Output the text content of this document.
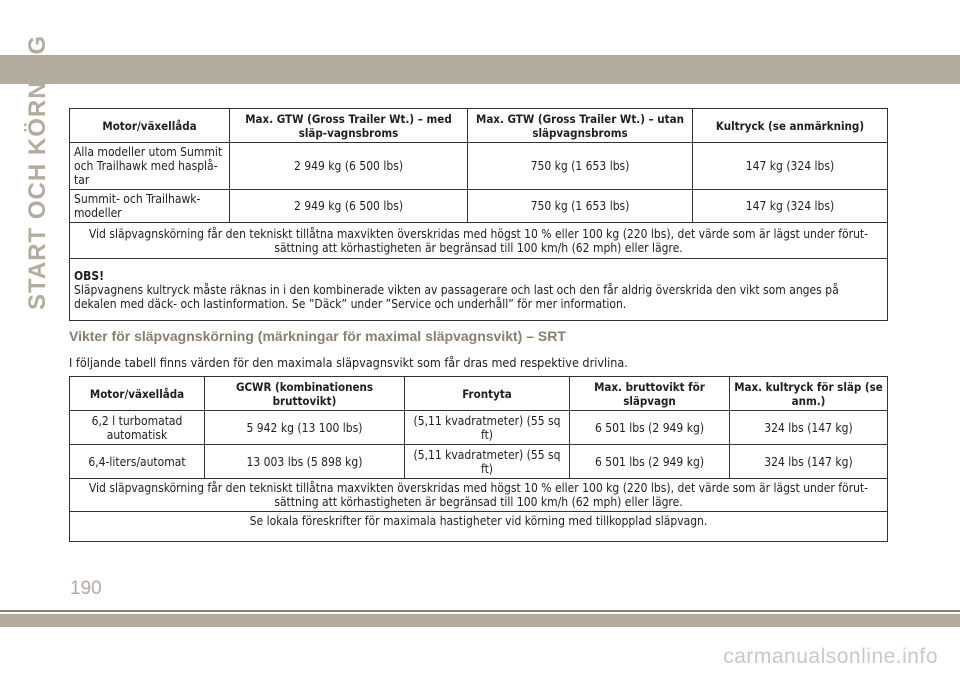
START OCH KÖRNING	Motor/växellåda	Max. GTW (Gross Trailer Wt.) – med släp-vagnsbroms	Max. GTW (Gross Trailer Wt.) – utan släpvagnsbroms	Kultryck (se anmärkning)
Alla modeller utom Summit och Trailhawk med hasplå-tar	2 949 kg (6 500 lbs)	750 kg (1 653 lbs)	147 kg (324 lbs)
Summit- och Trailhawk-modeller	2 949 kg (6 500 lbs)	750 kg (1 653 lbs)	147 kg (324 lbs)
Vid släpvagnskörning får den tekniskt tillåtna maxvikten överskridas med högst 10 % eller 100 kg (220 lbs), det värde som är lägst under förut-sättning att körhastigheten är begränsad till 100 km/h (62 mph) eller lägre.			

OBS!
Släpvagnens kultryck måste räknas in i den kombinerade vikten av passagerare och last och den får aldrig överskrida den vikt som anges på dekalen med däck- och lastinformation. Se ”Däck” under ”Service och underhåll” för mer information.			
Vikter för släpvagnskörning (märkningar för maximal släpvagnsvikt) – SRT
I följande tabell finns värden för den maximala släpvagnsvikt som får dras med respektive drivlina.
Motor/växellåda	GCWR (kombinationens bruttovikt)	Frontyta	Max. bruttovikt för släpvagn	Max. kultryck för släp (se anm.)
6,2 l turbomatad automatisk	5 942 kg (13 100 lbs)	(5,11 kvadratmeter) (55 sq ft)	6 501 lbs (2 949 kg)	324 lbs (147 kg)
6,4-liters/automat	13 003 lbs (5 898 kg)	(5,11 kvadratmeter) (55 sq ft)	6 501 lbs (2 949 kg)	324 lbs (147 kg)
Vid släpvagnskörning får den tekniskt tillåtna maxvikten överskridas med högst 10 % eller 100 kg (220 lbs), det värde som är lägst under förut-sättning att körhastigheten är begränsad till 100 km/h (62 mph) eller lägre.				
Se lokala föreskrifter för maximala hastigheter vid körning med tillkopplad släpvagn.				
190
carmanualsonline.info
